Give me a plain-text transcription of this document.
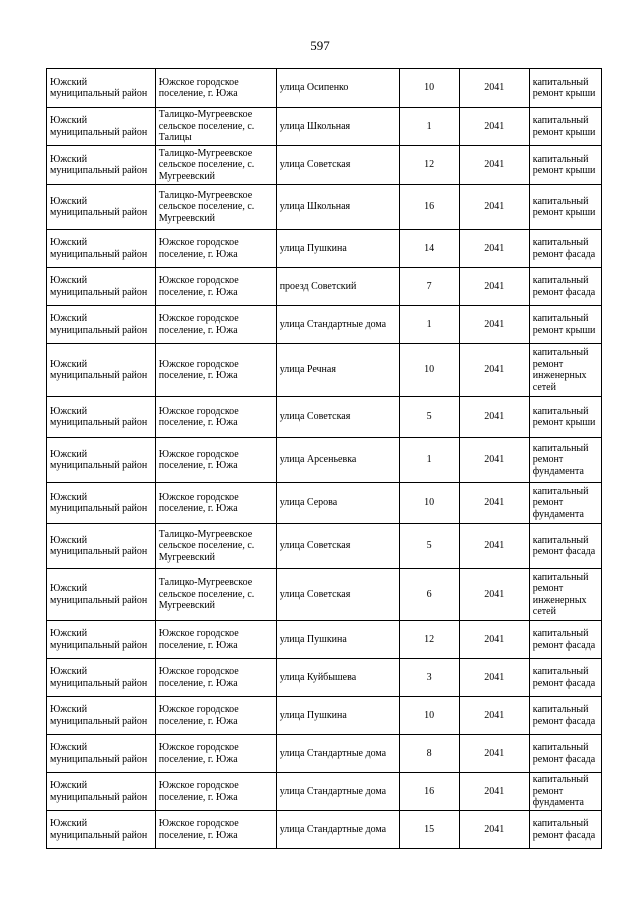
597
Южский муниципальный район	Южское городское поселение, г. Южа	улица Осипенко	10	2041	капитальный ремонт крыши
Южский муниципальный район	Талицко-Мугреевское сельское поселение, с. Талицы	улица Школьная	1	2041	капитальный ремонт крыши
Южский муниципальный район	Талицко-Мугреевское сельское поселение, с. Мугреевский	улица Советская	12	2041	капитальный ремонт крыши
Южский муниципальный район	Талицко-Мугреевское сельское поселение, с. Мугреевский	улица Школьная	16	2041	капитальный ремонт крыши
Южский муниципальный район	Южское городское поселение, г. Южа	улица Пушкина	14	2041	капитальный ремонт фасада
Южский муниципальный район	Южское городское поселение, г. Южа	проезд Советский	7	2041	капитальный ремонт фасада
Южский муниципальный район	Южское городское поселение, г. Южа	улица Стандартные дома	1	2041	капитальный ремонт крыши
Южский муниципальный район	Южское городское поселение, г. Южа	улица Речная	10	2041	капитальный ремонт инженерных сетей
Южский муниципальный район	Южское городское поселение, г. Южа	улица Советская	5	2041	капитальный ремонт крыши
Южский муниципальный район	Южское городское поселение, г. Южа	улица Арсеньевка	1	2041	капитальный ремонт фундамента
Южский муниципальный район	Южское городское поселение, г. Южа	улица Серова	10	2041	капитальный ремонт фундамента
Южский муниципальный район	Талицко-Мугреевское сельское поселение, с. Мугреевский	улица Советская	5	2041	капитальный ремонт фасада
Южский муниципальный район	Талицко-Мугреевское сельское поселение, с. Мугреевский	улица Советская	6	2041	капитальный ремонт инженерных сетей
Южский муниципальный район	Южское городское поселение, г. Южа	улица Пушкина	12	2041	капитальный ремонт фасада
Южский муниципальный район	Южское городское поселение, г. Южа	улица Куйбышева	3	2041	капитальный ремонт фасада
Южский муниципальный район	Южское городское поселение, г. Южа	улица Пушкина	10	2041	капитальный ремонт фасада
Южский муниципальный район	Южское городское поселение, г. Южа	улица Стандартные дома	8	2041	капитальный ремонт фасада
Южский муниципальный район	Южское городское поселение, г. Южа	улица Стандартные дома	16	2041	капитальный ремонт фундамента
Южский муниципальный район	Южское городское поселение, г. Южа	улица Стандартные дома	15	2041	капитальный ремонт фасада
